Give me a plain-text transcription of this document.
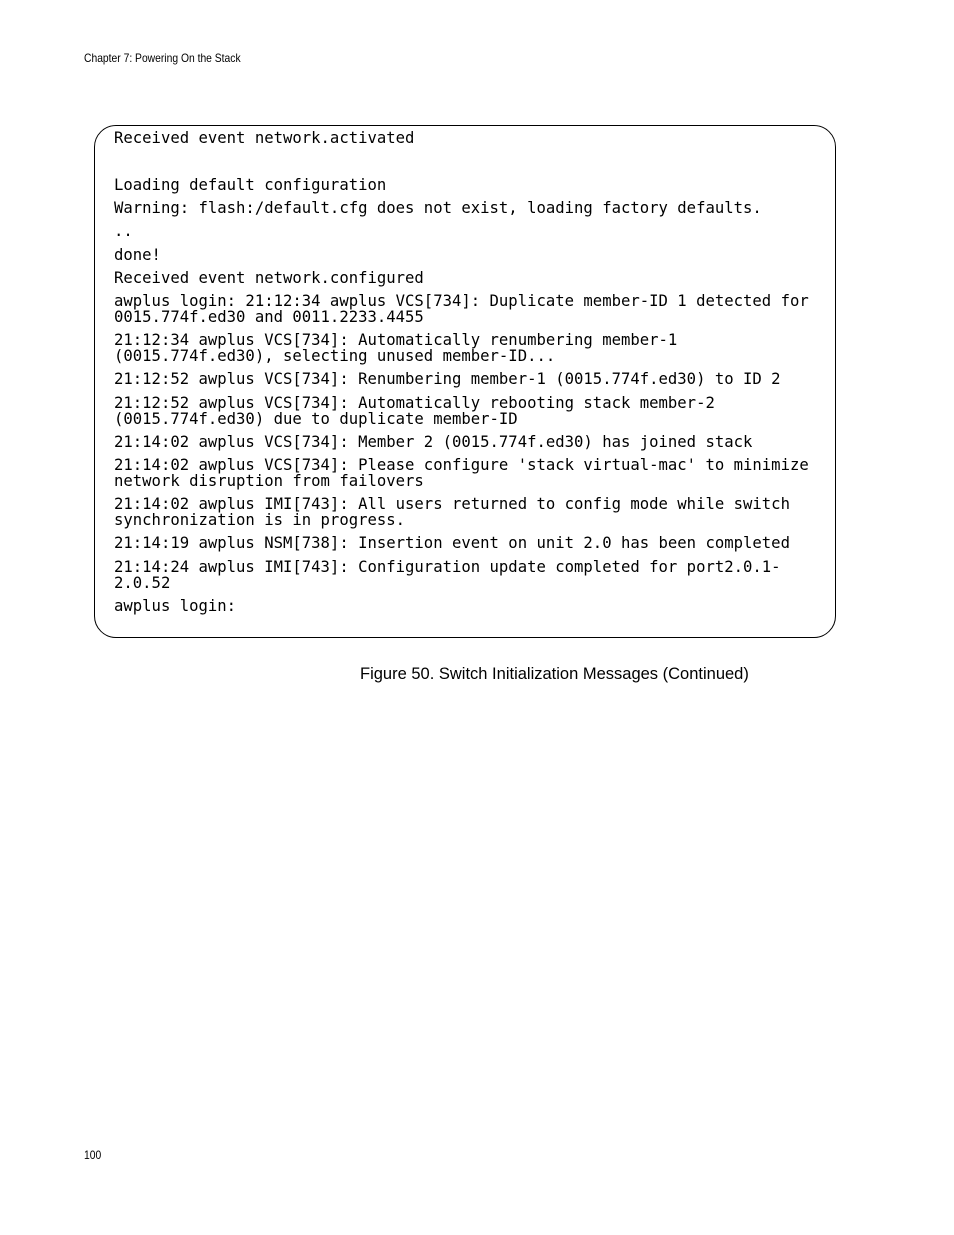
Chapter 7: Powering On the Stack
Received event network.activated
Loading default configuration
Warning: flash:/default.cfg does not exist, loading factory defaults.
..
done!
Received event network.configured
awplus login: 21:12:34 awplus VCS[734]: Duplicate member-ID 1 detected for
0015.774f.ed30 and 0011.2233.4455
21:12:34 awplus VCS[734]: Automatically renumbering member-1
(0015.774f.ed30), selecting unused member-ID...
21:12:52 awplus VCS[734]: Renumbering member-1 (0015.774f.ed30) to ID 2
21:12:52 awplus VCS[734]: Automatically rebooting stack member-2
(0015.774f.ed30) due to duplicate member-ID
21:14:02 awplus VCS[734]: Member 2 (0015.774f.ed30) has joined stack
21:14:02 awplus VCS[734]: Please configure 'stack virtual-mac' to minimize
network disruption from failovers
21:14:02 awplus IMI[743]: All users returned to config mode while switch
synchronization is in progress.
21:14:19 awplus NSM[738]: Insertion event on unit 2.0 has been completed
21:14:24 awplus IMI[743]: Configuration update completed for port2.0.1-
2.0.52
awplus login:
Figure 50. Switch Initialization Messages (Continued)
100
